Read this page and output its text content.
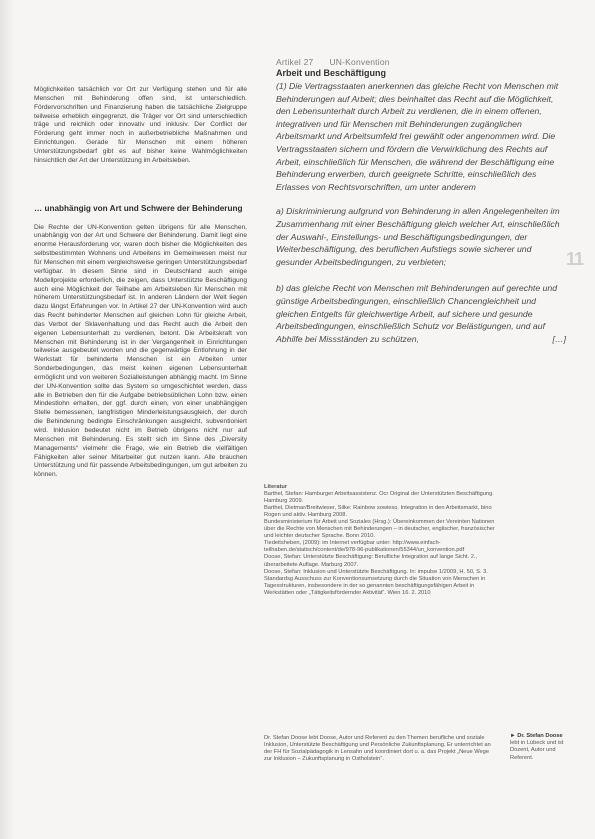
Möglichkeiten tatsächlich vor Ort zur Verfügung stehen und für alle Menschen mit Behinderung offen sind, ist unterschiedlich. Fördervorschriften und Finanzierung haben die tatsächliche Zielgruppe teilweise erheblich eingegrenzt, die Träger vor Ort sind unterschiedlich träge und reichlich oder innovativ und inklusiv. Der Conflict der Förderung geht immer noch in außerbetriebliche Maßnahmen und Einrichtungen. Gerade für Menschen mit einem höheren Unterstützungsbedarf gibt es auf bisher keine Wahlmöglichkeiten hinsichtlich der Art der Unterstützung im Arbeitsleben.

… unabhängig von Art und Schwere der Behinderung

Die Rechte der UN-Konvention gelten übrigens für alle Menschen, unabhängig von der Art und Schwere der Behinderung. Damit liegt eine enorme Herausforderung vor, waren doch bisher die Möglichkeiten des selbstbestimmten Wohnens und Arbeitens im Gemeinwesen meist nur für Menschen mit einem vergleichsweise geringen Unterstützungsbedarf verfügbar. In diesem Sinne sind in Deutschland auch einige Modellprojekte erforderlich, die zeigen, dass Unterstützte Beschäftigung auch eine Möglichkeit der Teilhabe am Arbeitsleben für Menschen mit höherem Unterstützungsbedarf ist. In anderen Ländern der Welt liegen dazu längst Erfahrungen vor. In Artikel 27 der UN-Konvention wird auch das Recht behinderter Menschen auf gleichen Lohn für gleiche Arbeit, das Verbot der Sklavenhaltung und das Recht auch die Arbeit den eigenen Lebensunterhalt zu verdienen, betont. Die Arbeitskraft von Menschen mit Behinderung ist in der Vergangenheit in Einrichtungen teilweise ausgebeutet worden und die gegenwärtige Entlohnung in der Werkstatt für behinderte Menschen ist ein Arbeiten unter Sonderbedingungen, das meist keinen eigenen Lebensunterhalt ermöglicht und von weiteren Sozialleistungen abhängig macht. Im Sinne der UN-Konvention sollte das System so umgeschichtet werden, dass alle in Betrieben den für die Aufgabe betriebsüblichen Lohn bzw. einen Mindestlohn erhalten, der ggf. durch einen, von einer unabhängigen Stelle bemessenen, langfristigen Minderleistungsausgleich, der durch die Behinderung bedingte Einschränkungen ausgleicht, subventioniert wird. Inklusion bedeutet nicht im Betrieb übrigens nicht nur auf Menschen mit Behinderung. Es stellt sich im Sinne des „Diversity Managements“ vielmehr die Frage, wie ein Betrieb die vielfältigen Fähigkeiten aller seiner Mitarbeiter gut nutzen kann. Alle brauchen Unterstützung und für passende Arbeitsbedingungen, um gut arbeiten zu können.

Artikel 27 UN-Konvention

Arbeit und Beschäftigung

(1) Die Vertragsstaaten anerkennen das gleiche Recht von Menschen mit Behinderungen auf Arbeit; dies beinhaltet das Recht auf die Möglichkeit, den Lebensunterhalt durch Arbeit zu verdienen, die in einem offenen, integrativen und für Menschen mit Behinderungen zugänglichen Arbeitsmarkt und Arbeitsumfeld frei gewählt oder angenommen wird. Die Vertragsstaaten sichern und fördern die Verwirklichung des Rechts auf Arbeit, einschließlich für Menschen, die während der Beschäftigung eine Behinderung erwerben, durch geeignete Schritte, einschließlich des Erlasses von Rechtsvorschriften, um unter anderem

a) Diskriminierung aufgrund von Behinderung in allen Angelegenheiten im Zusammenhang mit einer Beschäftigung gleich welcher Art, einschließlich der Auswahl-, Einstellungs- und Beschäftigungsbedingungen, der Weiterbeschäftigung, des beruflichen Aufstiegs sowie sicherer und gesunder Arbeitsbedingungen, zu verbieten;

b) das gleiche Recht von Menschen mit Behinderungen auf gerechte und günstige Arbeitsbedingungen, einschließlich Chancengleichheit und gleichen Entgelts für gleichwertige Arbeit, auf sichere und gesunde Arbeitsbedingungen, einschließlich Schutz vor Belästigungen, und auf Abhilfe bei Missständen zu schützen,	[…]

11

Literatur

Barthel, Stefan: Hamburger Arbeitsassistenz. Ocr Original der Unterstützten Beschäftigung. Hamburg 2009.

Barthel, Dietmar/Breitwieser, Silke: Rainbow sowieso. Integration in den Arbeitsmarkt, bino Rogen und aktiv. Hamburg 2008.

Bundesministerium für Arbeit und Soziales (Hrsg.): Übereinkommen der Vereinten Nationen über die Rechte von Menschen mit Behinderungen – in deutscher, englischer, französischer und leichter deutscher Sprache. Bonn 2010.

Tiedeitsheben, (2009): im Internet verfügbar unter: http://www.einfach-teilhaben.de/statisch/content/de/978-96-publikationen/55344/un_konvention.pdf

Doose, Stefan: Unterstützte Beschäftigung: Berufliche Integration auf lange Sicht. 2., überarbeitete Auflage. Marburg 2007.

Doose, Stefan: Inklusion und Unterstützte Beschäftigung. In: impulse 1/2009, H. 50, S. 3.

Standardsg Ausschuss zur Konventionsumsetzung durch die Situation von Menschen in Tagesstrukturen, insbesondere in der so genannten beschäftigungsfähigen Arbeit in Werkstätten oder „Tätigkeitsfördernder Aktivität“. Wien 16. 2. 2010

Dr. Stefan Doose lebt Doose, Autor und Referent zu den Themen berufliche und soziale Inklusion, Unterstützte Beschäftigung und Persönliche Zukunftsplanung. Er unterrichtet an der FH für Sozialpädagogik in Lensahn und koordiniert dort u. a. das Projekt „Neue Wege zur Inklusion – Zukunftsplanung in Ostholstein“.
► Dr. Stefan Doose lebt in Lübeck und ist Dozent, Autor und Referent.
